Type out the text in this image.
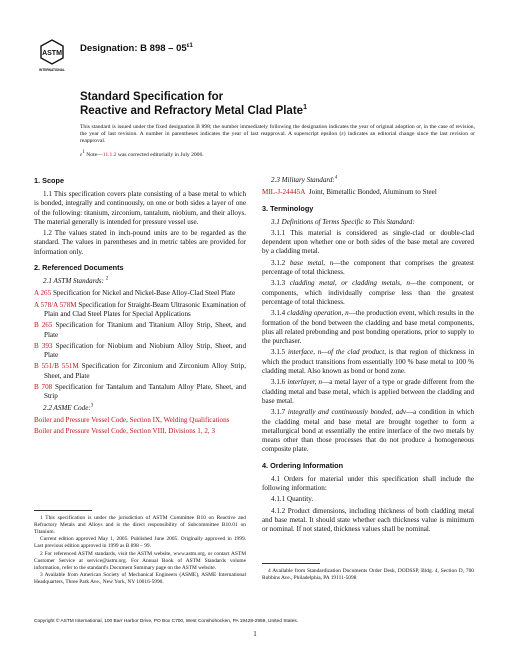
ASTM
INTERNATIONAL
Designation: B $898 - 05^{\varepsilon 1}$
Standard Specification for
Reactive and Refractory Metal Clad Plate$^1$
This standard is issued under the fixed designation B 898; the number immediately following the designation indicates the year of original adoption or, in the case of revision, the year of last revision. A number in parentheses indicates the year of last reapproval. A superscript epsilon (ε) indicates an editorial change since the last revision or reapproval.
$\varepsilon^1$ Note—11.1.2 was corrected editorially in July 2006.
1. Scope

1.1 This specification covers plate consisting of a base metal to which is bonded, integrally and continuously, on one or both sides a layer of one of the following: titanium, zirconium, tantalum, niobium, and their alloys. The material generally is intended for pressure vessel use.

1.2 The values stated in inch-pound units are to be regarded as the standard. The values in parentheses and in metric tables are provided for information only.

2. Referenced Documents

2.1 ASTM Standards: $^2$

A 265 Specification for Nickel and Nickel-Base Alloy-Clad Steel Plate

A 578/A 578M Specification for Straight-Beam Ultrasonic Examination of Plain and Clad Steel Plates for Special Applications

B 265 Specification for Titanium and Titanium Alloy Strip, Sheet, and Plate

B 393 Specification for Niobium and Niobium Alloy Strip, Sheet, and Plate

B 551/B 551M Specification for Zirconium and Zirconium Alloy Strip, Sheet, and Plate

B 708 Specification for Tantalum and Tantalum Alloy Plate, Sheet, and Strip

2.2 ASME Code:$^3$

Boiler and Pressure Vessel Code, Section IX, Welding Qualifications

Boiler and Pressure Vessel Code, Section VIII, Divisions 1, 2, 3

2.3 Military Standard:$^4$

MIL-J-24445A Joint, Bimetallic Bonded, Aluminum to Steel

3. Terminology

3.1 Definitions of Terms Specific to This Standard:

3.1.1 This material is considered as single-clad or double-clad dependent upon whether one or both sides of the base metal are covered by a cladding metal.

3.1.2 base metal, n—the component that comprises the greatest percentage of total thickness.

3.1.3 cladding metal, or cladding metals, n—the component, or components, which individually comprise less than the greatest percentage of total thickness.

3.1.4 cladding operation, n—the production event, which results in the formation of the bond between the cladding and base metal components, plus all related prebonding and post bonding operations, prior to supply to the purchaser.

3.1.5 interface, n—of the clad product, is that region of thickness in which the product transitions from essentially 100 % base metal to 100 % cladding metal. Also known as bond or bond zone.

3.1.6 interlayer, n—a metal layer of a type or grade different from the cladding metal and base metal, which is applied between the cladding and base metal.

3.1.7 integrally and continuously bonded, adv—a condition in which the cladding metal and base metal are brought together to form a metallurgical bond at essentially the entire interface of the two metals by means other than those processes that do not produce a homogeneous composite plate.

4. Ordering Information

4.1 Orders for material under this specification shall include the following information:

4.1.1 Quantity.

4.1.2 Product dimensions, including thickness of both cladding metal and base metal. It should state whether each thickness value is minimum or nominal. If not stated, thickness values shall be nominal.

1 This specification is under the jurisdiction of ASTM Committee B10 on Reactive and Refractory Metals and Alloys and is the direct responsibility of Subcommittee B10.01 on Titanium.

Current edition approved May 1, 2005. Published June 2005. Originally approved in 1999. Last previous edition approved in 1999 as B 898 – 99.

2 For referenced ASTM standards, visit the ASTM website, www.astm.org, or contact ASTM Customer Service at service@astm.org. For Annual Book of ASTM Standards volume information, refer to the standard's Document Summary page on the ASTM website.

3 Available from American Society of Mechanical Engineers (ASME), ASME International Headquarters, Three Park Ave., New York, NY 10016-5990.

4 Available from Standardization Documents Order Desk, DODSSP, Bldg. 4, Section D, 700 Robbins Ave., Philadelphia, PA 19111-5098

Copyright © ASTM International, 100 Barr Harbor Drive, PO Box C700, West Conshohocken, PA 19428-2959, United States.
1
